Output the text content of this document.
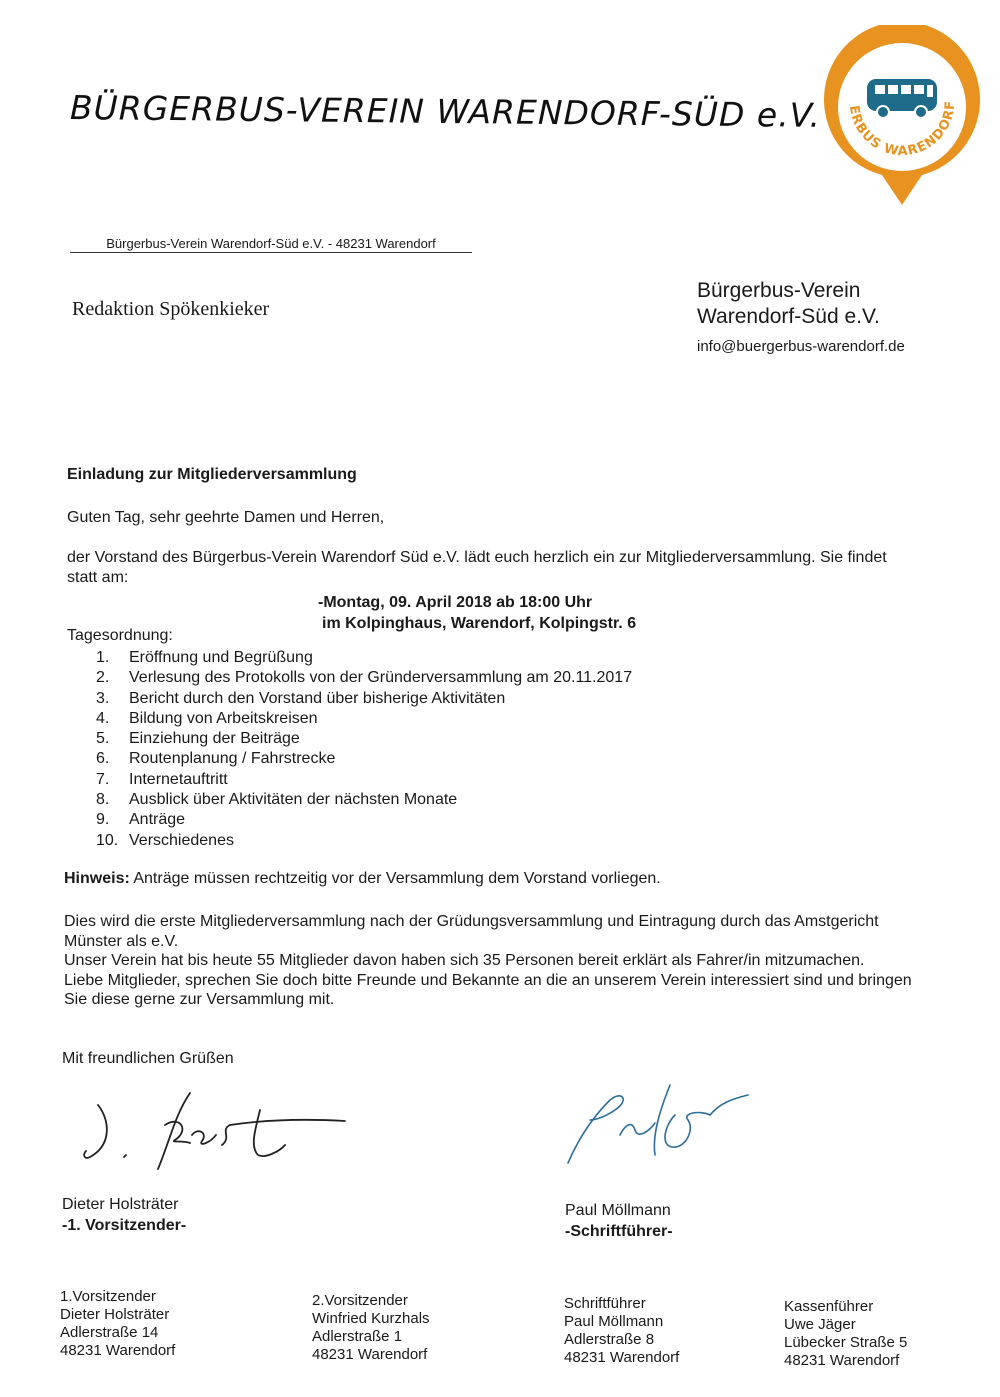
BÜRGERBUS-VEREIN WARENDORF-SÜD e.V.	ERBUS WARENDORF
Bürgerbus-Verein Warendorf-Süd e.V. - 48231 Warendorf
Redaktion Spökenkieker
Bürgerbus-Verein
Warendorf-Süd e.V.
info@buergerbus-warendorf.de
Einladung zur Mitgliederversammlung
Guten Tag, sehr geehrte Damen und Herren,
der Vorstand des Bürgerbus-Verein Warendorf Süd e.V. lädt euch herzlich ein zur Mitgliederversammlung. Sie findet statt am:
-Montag, 09. April 2018 ab 18:00 Uhr
im Kolpinghaus, Warendorf, Kolpingstr. 6
Tagesordnung:
1.	Eröffnung und Begrüßung
2.	Verlesung des Protokolls von der Gründerversammlung am 20.11.2017
3.	Bericht durch den Vorstand über bisherige Aktivitäten
4.	Bildung von Arbeitskreisen
5.	Einziehung der Beiträge
6.	Routenplanung / Fahrstrecke
7.	Internetauftritt
8.	Ausblick über Aktivitäten der nächsten Monate
9.	Anträge
10. Verschiedenes
Hinweis: Anträge müssen rechtzeitig vor der Versammlung dem Vorstand vorliegen.

Dies wird die erste Mitgliederversammlung nach der Grüdungsversammlung und Eintragung durch das Amstgericht Münster als e.V.

Unser Verein hat bis heute 55 Mitglieder davon haben sich 35 Personen bereit erklärt als Fahrer/in mitzumachen.

Liebe Mitglieder, sprechen Sie doch bitte Freunde und Bekannte an die an unserem Verein interessiert sind und bringen Sie diese gerne zur Versammlung mit.

Mit freundlichen Grüßen
Dieter Holsträter
-1. Vorsitzender-
Paul Möllmann
-Schriftführer-
1.Vorsitzender
Dieter Holsträter
Adlerstraße 14
48231 Warendorf
2.Vorsitzender
Winfried Kurzhals
Adlerstraße 1
48231 Warendorf
Schriftführer
Paul Möllmann
Adlerstraße 8
48231 Warendorf
Kassenführer
Uwe Jäger
Lübecker Straße 5
48231 Warendorf
